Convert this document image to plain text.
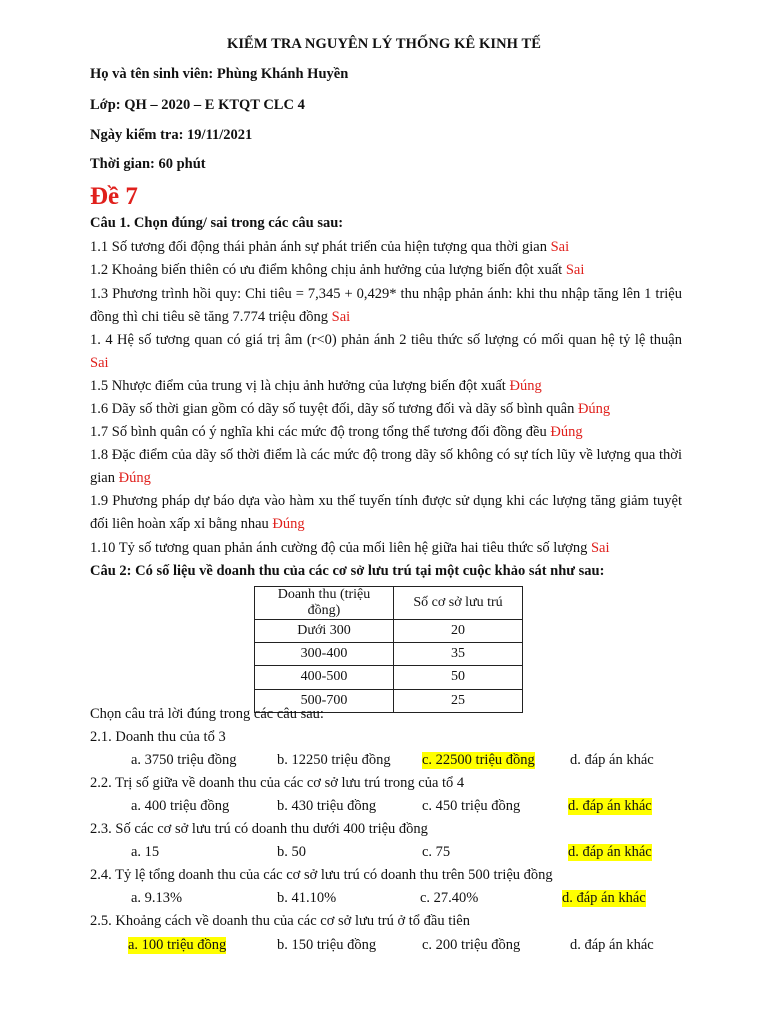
KIỂM TRA NGUYÊN LÝ THỐNG KÊ KINH TẾ
Họ và tên sinh viên: Phùng Khánh Huyền
Lớp: QH – 2020 – E KTQT CLC 4
Ngày kiểm tra: 19/11/2021
Thời gian: 60 phút
Đề 7
Câu 1. Chọn đúng/ sai trong các câu sau:
1.1 Số tương đối động thái phản ánh sự phát triển của hiện tượng qua thời gian Sai
1.2 Khoảng biến thiên có ưu điểm không chịu ảnh hưởng của lượng biến đột xuất Sai
1.3 Phương trình hồi quy: Chi tiêu = 7,345 + 0,429* thu nhập phản ánh: khi thu nhập tăng lên 1 triệu đồng thì chi tiêu sẽ tăng 7.774 triệu đồng Sai
1. 4 Hệ số tương quan có giá trị âm (r<0) phản ánh 2 tiêu thức số lượng có mối quan hệ tỷ lệ thuận Sai
1.5 Nhược điểm của trung vị là chịu ảnh hưởng của lượng biến đột xuất Đúng
1.6 Dãy số thời gian gồm có dãy số tuyệt đối, dãy số tương đối và dãy số bình quân Đúng
1.7 Số bình quân có ý nghĩa khi các mức độ trong tổng thể tương đối đồng đều Đúng
1.8 Đặc điểm của dãy số thời điểm là các mức độ trong dãy số không có sự tích lũy về lượng qua thời gian Đúng
1.9 Phương pháp dự báo dựa vào hàm xu thế tuyến tính được sử dụng khi các lượng tăng giảm tuyệt đối liên hoàn xấp xỉ bằng nhau Đúng
1.10 Tỷ số tương quan phản ánh cường độ của mối liên hệ giữa hai tiêu thức số lượng Sai
Câu 2: Có số liệu về doanh thu của các cơ sở lưu trú tại một cuộc khảo sát như sau:
Doanh thu (triệu đồng)	Số cơ sở lưu trú
Dưới 300	20
300-400	35
400-500	50
500-700	25
Chọn câu trả lời đúng trong các câu sau:
2.1. Doanh thu của tổ 3
a. 3750 triệu đồng	b. 12250 triệu đồng c. 22500 triệu đồng d. đáp án khác
2.2. Trị số giữa về doanh thu của các cơ sở lưu trú trong của tổ 4
a. 400 triệu đồng	b. 430 triệu đồng	c. 450 triệu đồng	d. đáp án khác
2.3. Số các cơ sở lưu trú có doanh thu dưới 400 triệu đồng
a. 15	b. 50	c. 75	d. đáp án khác
2.4. Tỷ lệ tổng doanh thu của các cơ sở lưu trú có doanh thu trên 500 triệu đồng
a. 9.13%	b. 41.10%	c. 27.40%	d. đáp án khác
2.5. Khoảng cách về doanh thu của các cơ sở lưu trú ở tổ đầu tiên
a. 100 triệu đồng	b. 150 triệu đồng	c. 200 triệu đồng	d. đáp án khác
